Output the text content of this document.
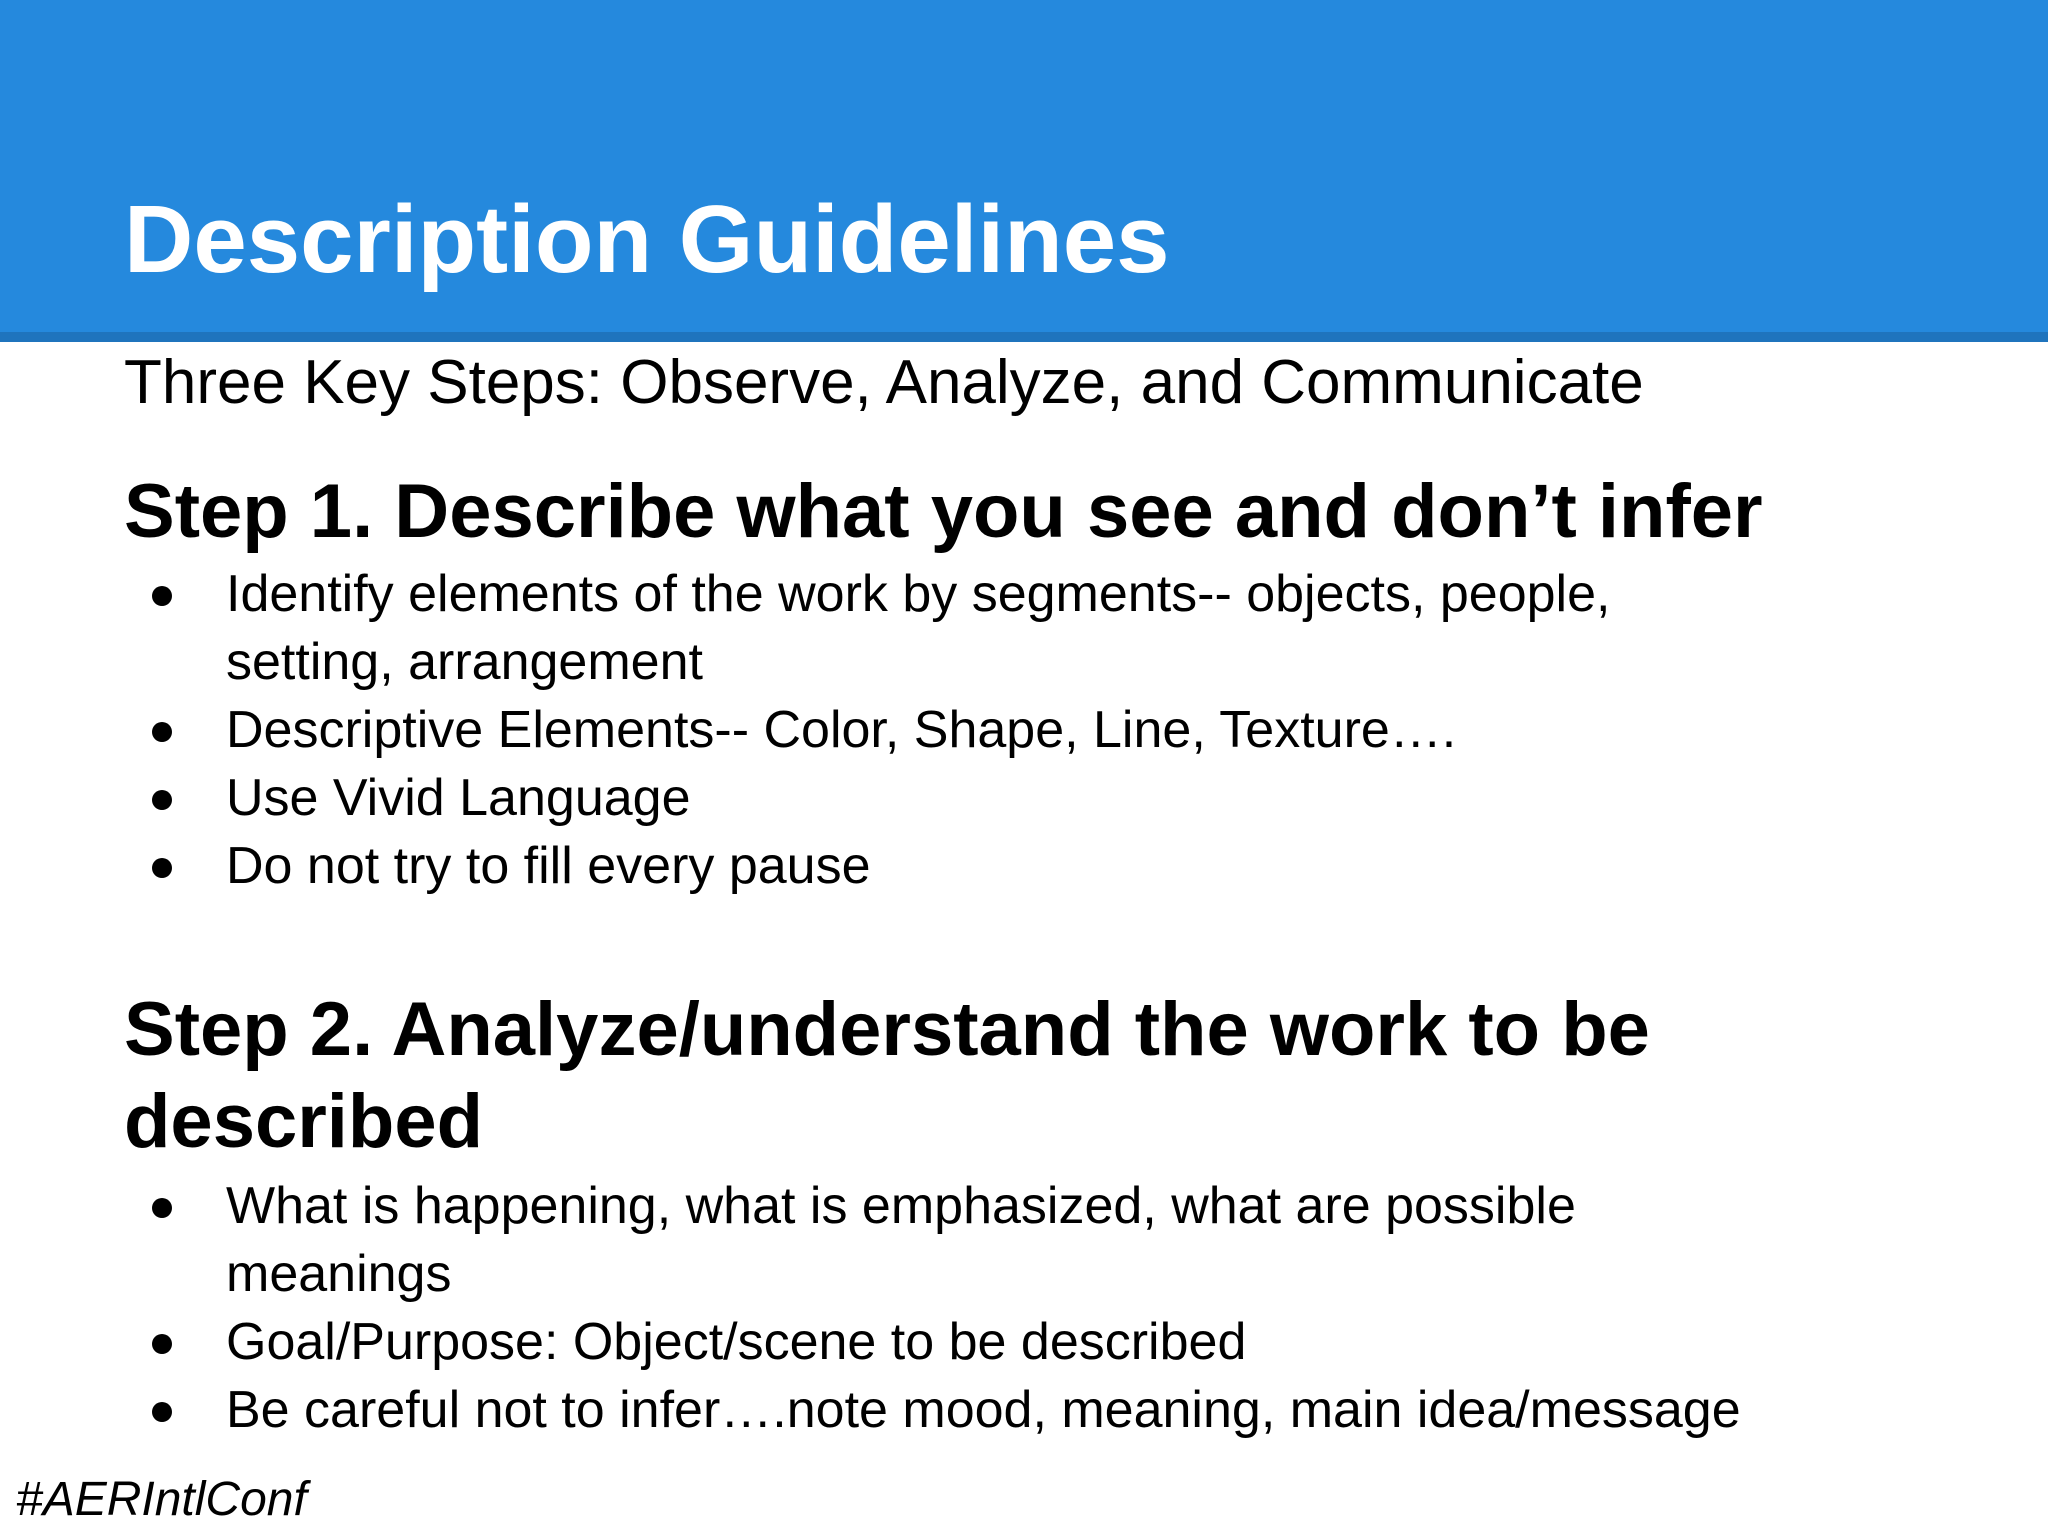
Description Guidelines

Three Key Steps: Observe, Analyze, and Communicate

Step 1. Describe what you see and don’t infer
Identify elements of the work by segments-- objects, people,
setting, arrangement
Descriptive Elements-- Color, Shape, Line, Texture….
Use Vivid Language
Do not try to fill every pause
Step 2. Analyze/understand the work to be
described
What is happening, what is emphasized, what are possible
meanings
Goal/Purpose: Object/scene to be described
Be careful not to infer….note mood, meaning, main idea/message

#AERIntlConf
